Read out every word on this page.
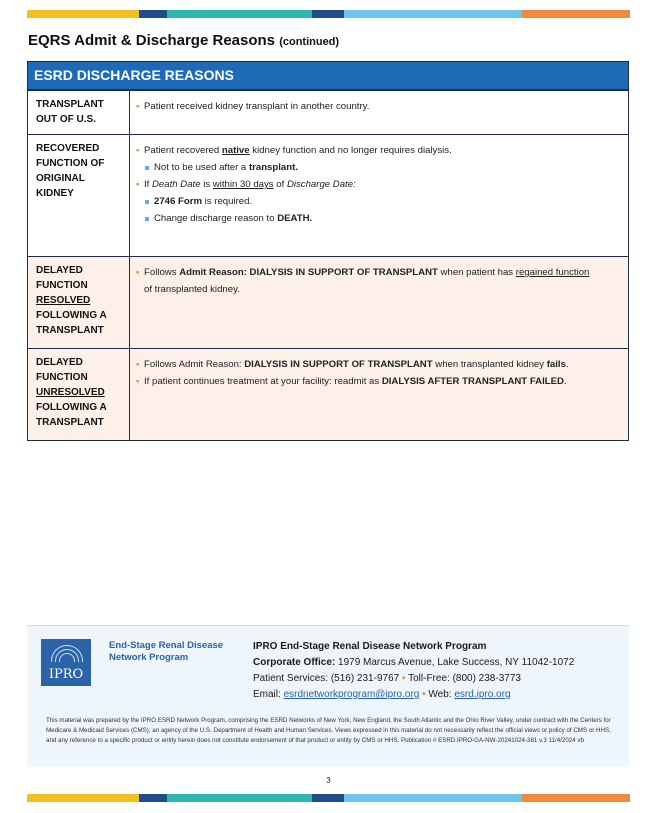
EQRS Admit & Discharge Reasons (continued)
ESRD DISCHARGE REASONS
TRANSPLANT OUT OF U.S.
• Patient received kidney transplant in another country.
RECOVERED FUNCTION OF ORIGINAL KIDNEY
• Patient recovered native kidney function and no longer requires dialysis.
Not to be used after a transplant.
• If Death Date is within 30 days of Discharge Date:
2746 Form is required.
Change discharge reason to DEATH.
DELAYED FUNCTION
RESOLVED
FOLLOWING A TRANSPLANT
• Follows Admit Reason: DIALYSIS IN SUPPORT OF TRANSPLANT when patient has regained function
of transplanted kidney.
DELAYED FUNCTION
UNRESOLVED
FOLLOWING A TRANSPLANT
• Follows Admit Reason: DIALYSIS IN SUPPORT OF TRANSPLANT when transplanted kidney fails.
• If patient continues treatment at your facility: readmit as DIALYSIS AFTER TRANSPLANT FAILED.
IPRO
End-Stage Renal Disease Network Program
IPRO End-Stage Renal Disease Network Program
Corporate Office: 1979 Marcus Avenue, Lake Success, NY 11042-1072
Patient Services: (516) 231-9767 • Toll-Free: (800) 238-3773
Email: esrdnetworkprogram@ipro.org • Web: esrd.ipro.org
This material was prepared by the IPRO ESRD Network Program, comprising the ESRD Networks of New York, New England, the South Atlantic and the Ohio River Valley, under contract with the Centers for Medicare & Medicaid Services (CMS), an agency of the U.S. Department of Health and Human Services. Views expressed in this material do not necessarily reflect the official views or policy of CMS or HHS, and any reference to a specific product or entity herein does not constitute endorsement of that product or entity by CMS or HHS. Publication # ESRD.IPRO-GA-NW-20241024-381 v.3 11/4/2024 vb
3
